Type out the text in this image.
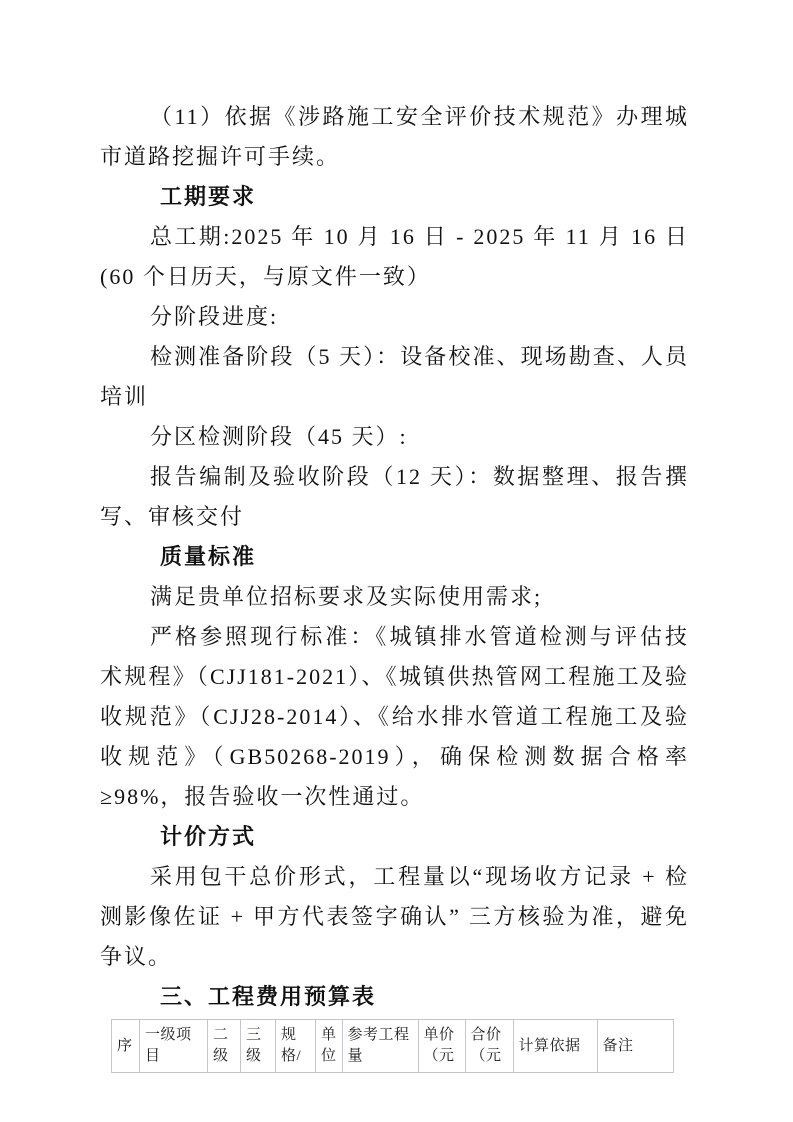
（11）依据《涉路施工安全评价技术规范》办理城市道路挖掘许可手续。

工期要求

总工期:2025 年 10 月 16 日 - 2025 年 11 月 16 日(60 个日历天，与原文件一致）

分阶段进度:

检测准备阶段（5 天）：设备校准、现场勘查、人员培训

分区检测阶段（45 天）:

报告编制及验收阶段（12 天）：数据整理、报告撰写、审核交付

质量标准

满足贵单位招标要求及实际使用需求;

严格参照现行标准：《城镇排水管道检测与评估技术规程》（CJJ181-2021）、《城镇供热管网工程施工及验收规范》（CJJ28-2014）、《给水排水管道工程施工及验收规范》（GB50268-2019），确保检测数据合格率≥98%，报告验收一次性通过。

计价方式

采用包干总价形式，工程量以“现场收方记录 + 检测影像佐证 + 甲方代表签字确认” 三方核验为准，避免争议。

三、工程费用预算表

序	一级项目	二级	三级	规格/	单位	参考工程量	单价（元	合价（元	计算依据	备注
